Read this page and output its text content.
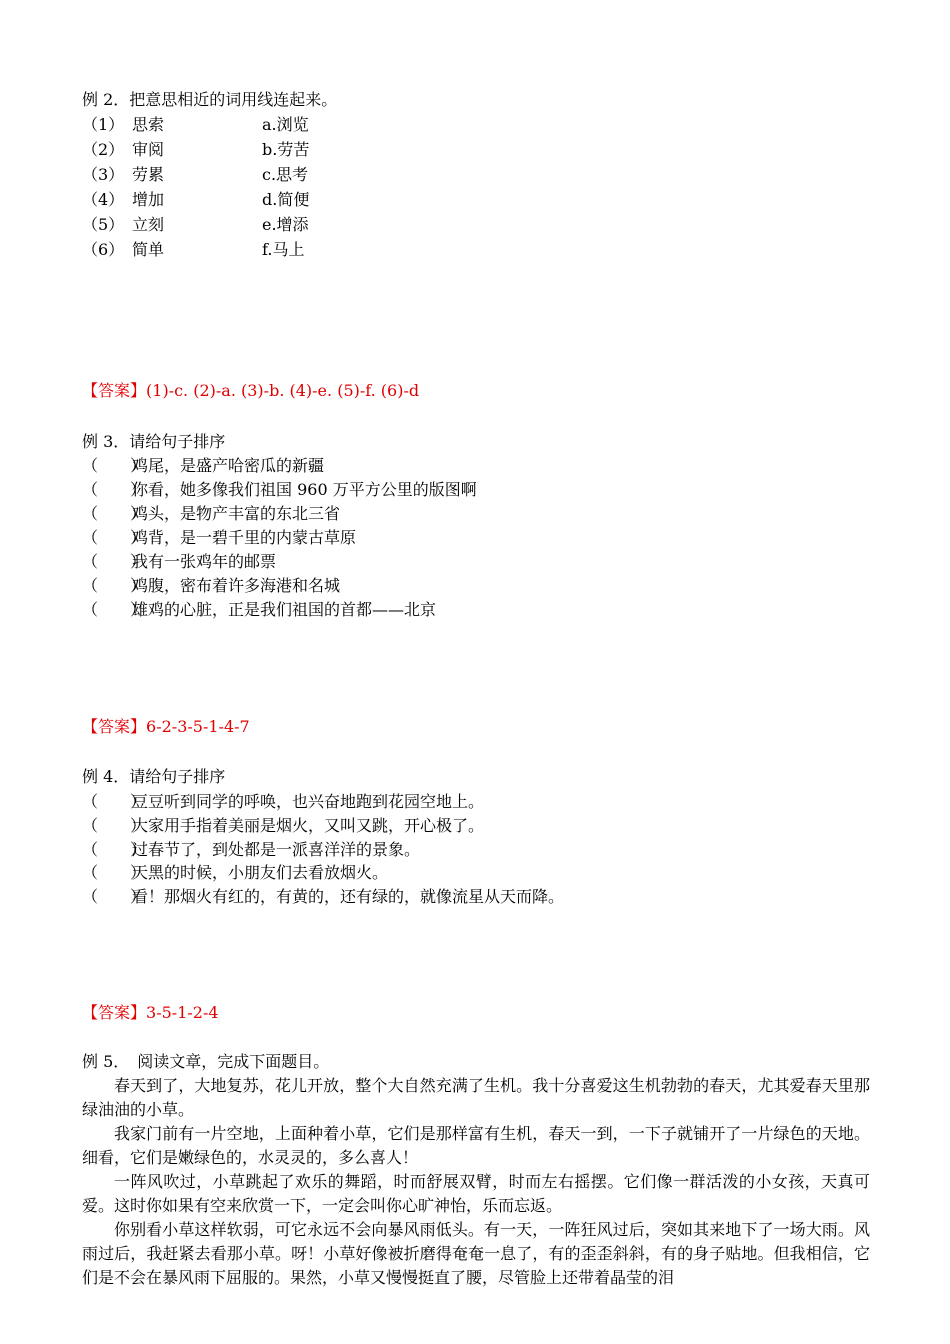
例 2．把意思相近的词用线连起来。
（1） 思索	a.浏览
（2） 审阅	b.劳苦
（3） 劳累	c.思考
（4） 增加	d.简便
（5） 立刻	e.增添
（6） 简单	f.马上
【答案】(1)-c. (2)-a. (3)-b. (4)-e. (5)-f. (6)-d
例 3．请给句子排序
（　　）鸡尾，是盛产哈密瓜的新疆
（　　）你看，她多像我们祖国 960 万平方公里的版图啊
（　　）鸡头，是物产丰富的东北三省
（　　）鸡背，是一碧千里的内蒙古草原
（　　）我有一张鸡年的邮票
（　　）鸡腹，密布着许多海港和名城
（　　）雄鸡的心脏，正是我们祖国的首都——北京
【答案】6-2-3-5-1-4-7
例 4．请给句子排序
（　　）豆豆听到同学的呼唤，也兴奋地跑到花园空地上。
（　　）大家用手指着美丽是烟火，又叫又跳，开心极了。
（　　）过春节了，到处都是一派喜洋洋的景象。
（　　）天黑的时候，小朋友们去看放烟火。
（　　）看！那烟火有红的，有黄的，还有绿的，就像流星从天而降。
【答案】3-5-1-2-4
例 5．　阅读文章，完成下面题目。

春天到了，大地复苏，花儿开放，整个大自然充满了生机。我十分喜爱这生机勃勃的春天，尤其爱春天里那绿油油的小草。

我家门前有一片空地，上面种着小草，它们是那样富有生机，春天一到，一下子就铺开了一片绿色的天地。细看，它们是嫩绿色的，水灵灵的，多么喜人！

一阵风吹过，小草跳起了欢乐的舞蹈，时而舒展双臂，时而左右摇摆。它们像一群活泼的小女孩，天真可爱。这时你如果有空来欣赏一下，一定会叫你心旷神怡，乐而忘返。

你别看小草这样软弱，可它永远不会向暴风雨低头。有一天，一阵狂风过后，突如其来地下了一场大雨。风雨过后，我赶紧去看那小草。呀！小草好像被折磨得奄奄一息了，有的歪歪斜斜，有的身子贴地。但我相信，它们是不会在暴风雨下屈服的。果然，小草又慢慢挺直了腰，尽管脸上还带着晶莹的泪
